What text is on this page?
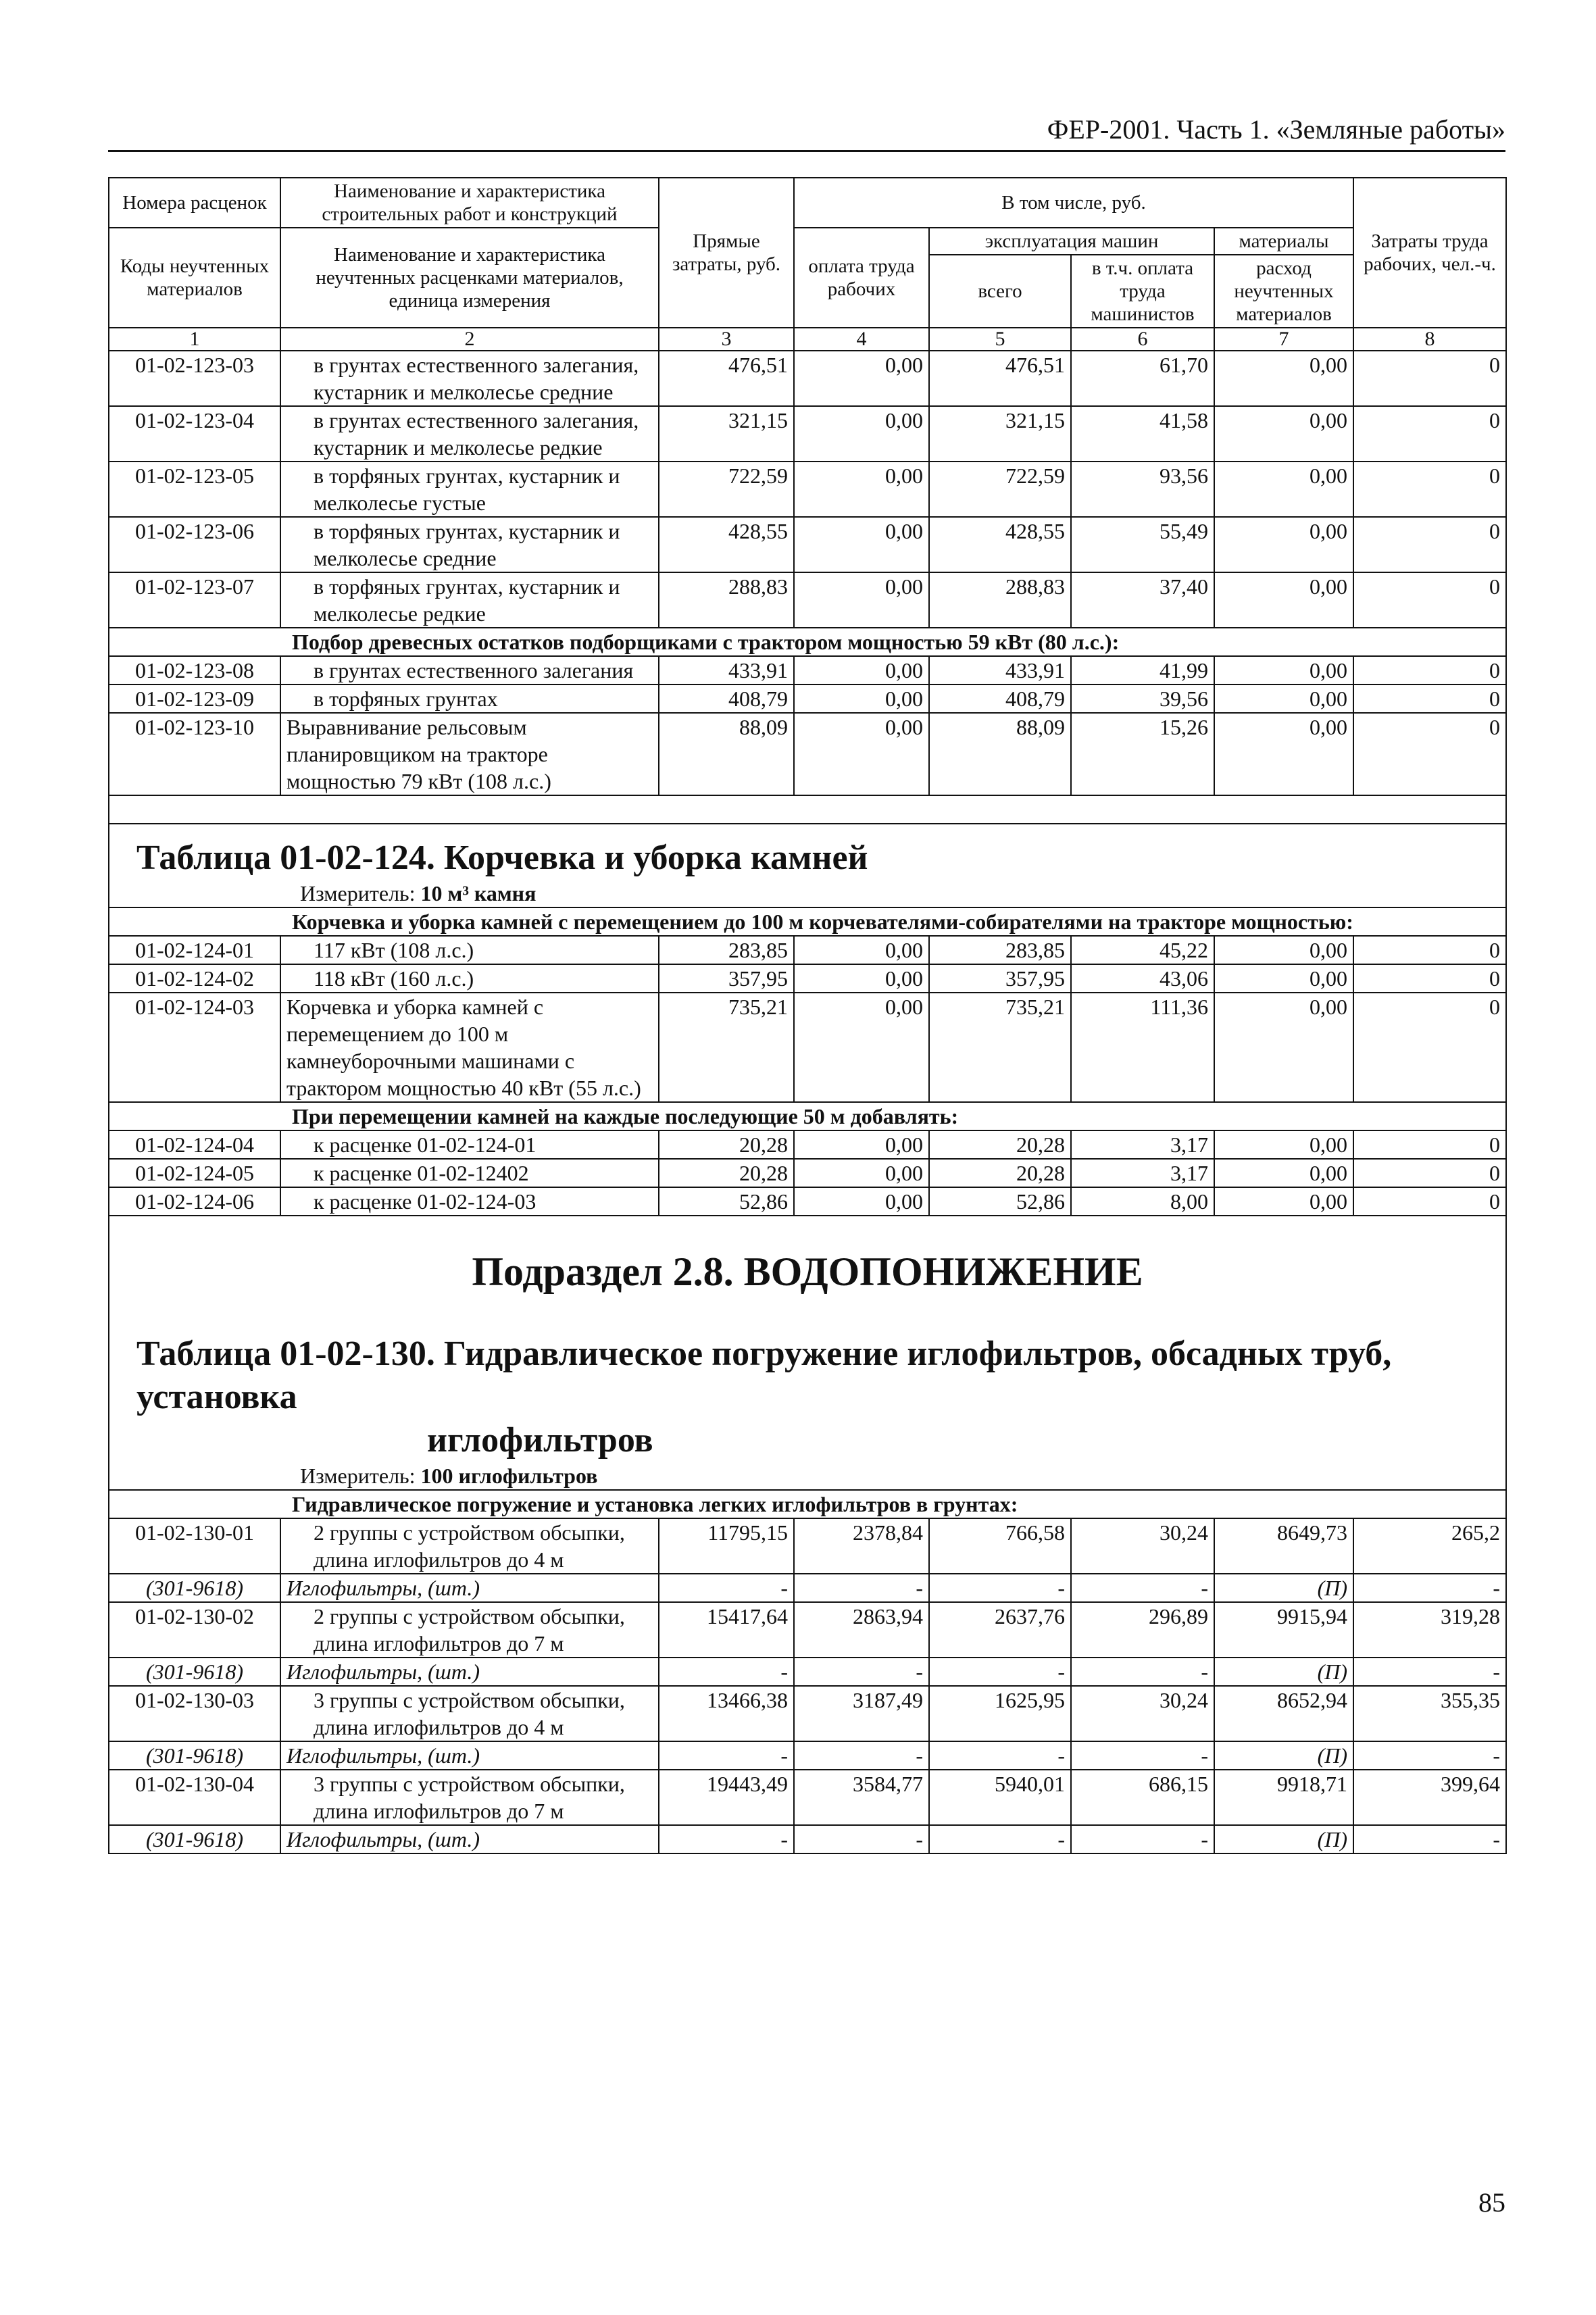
ФЕР-2001. Часть 1. «Земляные работы»
Номера расценок	Наименование и характеристика строительных работ и конструкций	Прямые затраты, руб.	В том числе, руб.				Затраты труда рабочих, чел.-ч.
Коды неучтенных материалов	Наименование и характеристика неучтенных расценками материалов, единица измерения		оплата труда рабочих	эксплуатация машин		материалы	
				всего	в т.ч. оплата труда машинистов	расход неучтенных материалов	
1	2	3	4	5	6	7	8
01-02-123-03	в грунтах естественного залегания, кустарник и мелколесье средние	476,51	0,00	476,51	61,70	0,00	0
01-02-123-04	в грунтах естественного залегания, кустарник и мелколесье редкие	321,15	0,00	321,15	41,58	0,00	0
01-02-123-05	в торфяных грунтах, кустарник и мелколесье густые	722,59	0,00	722,59	93,56	0,00	0
01-02-123-06	в торфяных грунтах, кустарник и мелколесье средние	428,55	0,00	428,55	55,49	0,00	0
01-02-123-07	в торфяных грунтах, кустарник и мелколесье редкие	288,83	0,00	288,83	37,40	0,00	0
Подбор древесных остатков подборщиками с трактором мощностью 59 кВт (80 л.с.):							
01-02-123-08	в грунтах естественного залегания	433,91	0,00	433,91	41,99	0,00	0
01-02-123-09	в торфяных грунтах	408,79	0,00	408,79	39,56	0,00	0
01-02-123-10	Выравнивание рельсовым планировщиком на тракторе мощностью 79 кВт (108 л.с.)	88,09	0,00	88,09	15,26	0,00	0

Таблица 01-02-124. Корчевка и уборка камней							
Измеритель: 10 м³ камня							
Корчевка и уборка камней с перемещением до 100 м корчевателями-собирателями на тракторе мощностью:							
01-02-124-01	117 кВт (108 л.с.)	283,85	0,00	283,85	45,22	0,00	0
01-02-124-02	118 кВт (160 л.с.)	357,95	0,00	357,95	43,06	0,00	0
01-02-124-03	Корчевка и уборка камней с перемещением до 100 м камнеуборочными машинами с трактором мощностью 40 кВт (55 л.с.)	735,21	0,00	735,21	111,36	0,00	0
При перемещении камней на каждые последующие 50 м добавлять:							
01-02-124-04	к расценке 01-02-124-01	20,28	0,00	20,28	3,17	0,00	0
01-02-124-05	к расценке 01-02-12402	20,28	0,00	20,28	3,17	0,00	0
01-02-124-06	к расценке 01-02-124-03	52,86	0,00	52,86	8,00	0,00	0
Подраздел 2.8. ВОДОПОНИЖЕНИЕ							
Таблица 01-02-130. Гидравлическое погружение иглофильтров, обсадных труб, установка
иглофильтров							

Измеритель: 100 иглофильтров							
Гидравлическое погружение и установка легких иглофильтров в грунтах:							
01-02-130-01	2 группы с устройством обсыпки, длина иглофильтров до 4 м	11795,15	2378,84	766,58	30,24	8649,73	265,2
(301-9618)	Иглофильтры, (шт.)	-	-	-	-	(П)	-
01-02-130-02	2 группы с устройством обсыпки, длина иглофильтров до 7 м	15417,64	2863,94	2637,76	296,89	9915,94	319,28
(301-9618)	Иглофильтры, (шт.)	-	-	-	-	(П)	-
01-02-130-03	3 группы с устройством обсыпки, длина иглофильтров до 4 м	13466,38	3187,49	1625,95	30,24	8652,94	355,35
(301-9618)	Иглофильтры, (шт.)	-	-	-	-	(П)	-
01-02-130-04	3 группы с устройством обсыпки, длина иглофильтров до 7 м	19443,49	3584,77	5940,01	686,15	9918,71	399,64
(301-9618)	Иглофильтры, (шт.)	-	-	-	-	(П)	-
85
